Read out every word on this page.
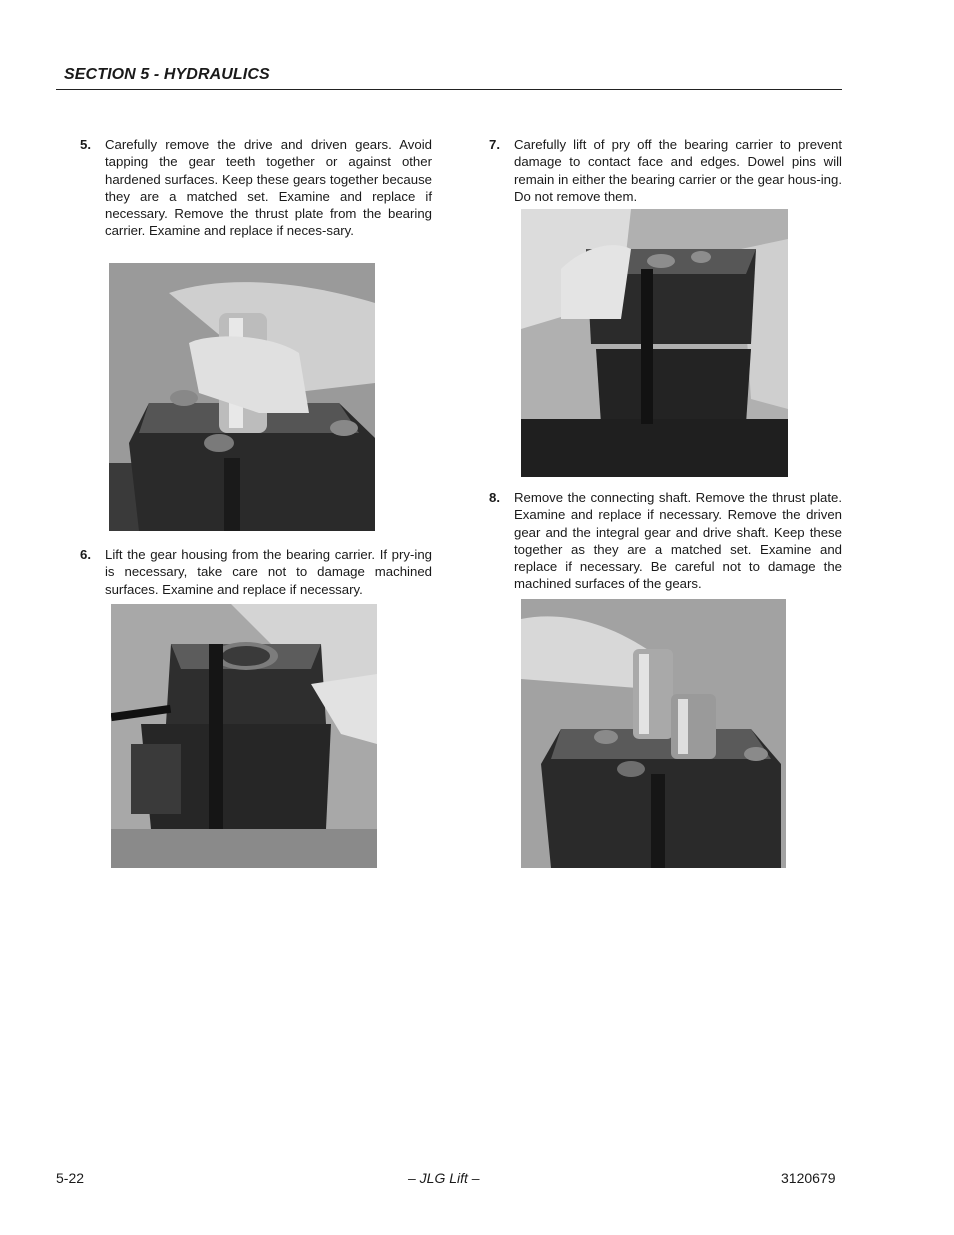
SECTION 5 - HYDRAULICS
5. Carefully remove the drive and driven gears. Avoid tapping the gear teeth together or against other hardened surfaces. Keep these gears together because they are a matched set. Examine and replace if necessary. Remove the thrust plate from the bearing carrier. Examine and replace if neces-sary.
6. Lift the gear housing from the bearing carrier. If pry-ing is necessary, take care not to damage machined surfaces. Examine and replace if necessary.
7. Carefully lift of pry off the bearing carrier to prevent damage to contact face and edges. Dowel pins will remain in either the bearing carrier or the gear hous-ing. Do not remove them.
8. Remove the connecting shaft. Remove the thrust plate. Examine and replace if necessary. Remove the driven gear and the integral gear and drive shaft. Keep these together as they are a matched set. Examine and replace if necessary. Be careful not to damage the machined surfaces of the gears.
5-22	– JLG Lift –	3120679
